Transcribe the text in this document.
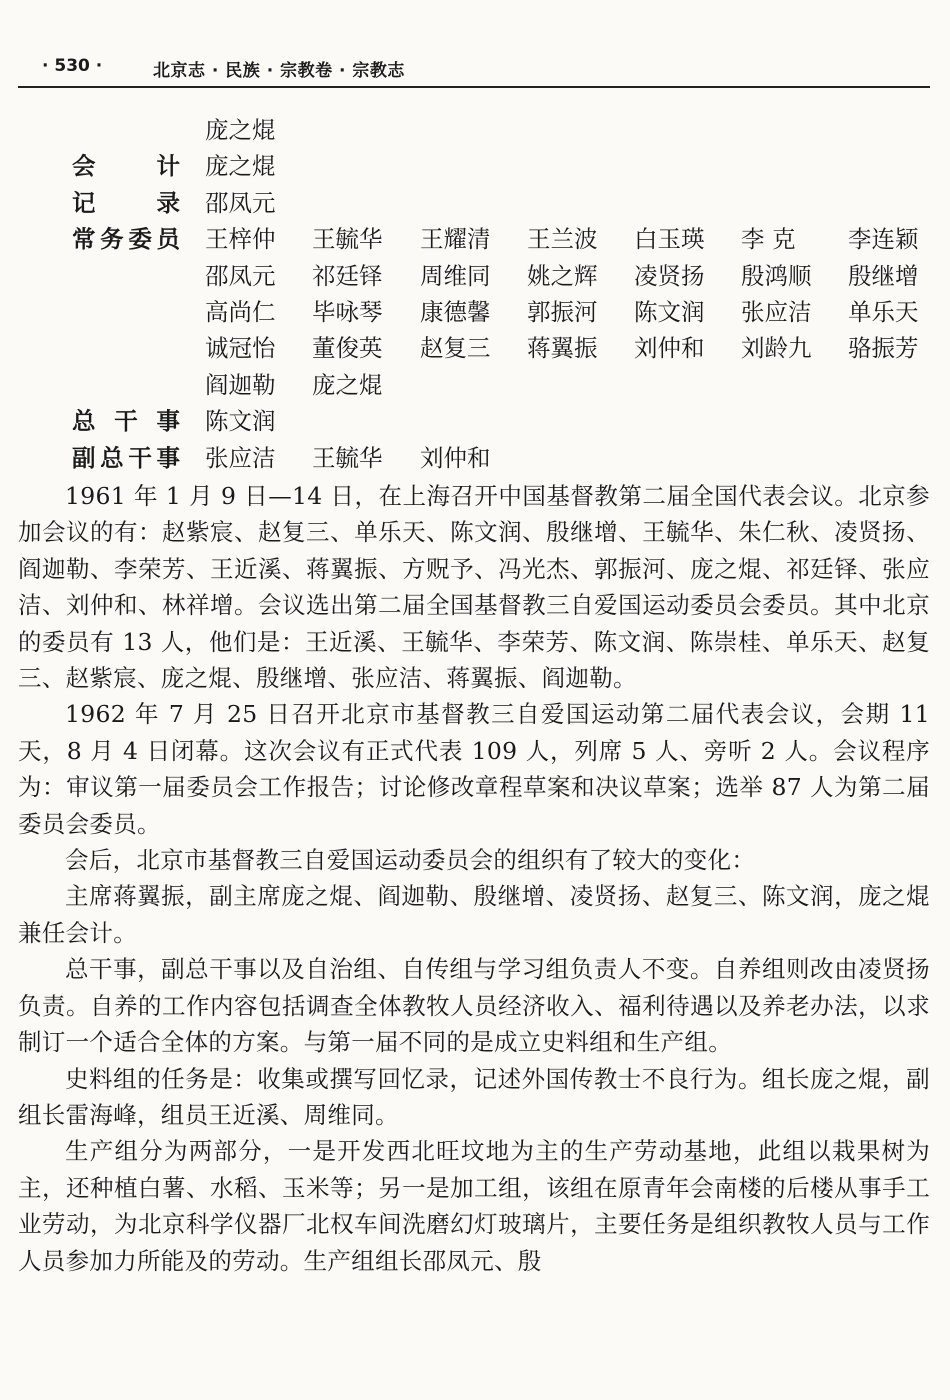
· 530 ·	北京志 · 民族 · 宗教卷 · 宗教志
庞之焜
会计 庞之焜
记录 邵凤元
常务委员 王梓仲 王毓华 王耀清 王兰波 白玉瑛 李 克 李连颖
邵凤元 祁廷铎 周维同 姚之辉 凌贤扬 殷鸿顺 殷继增
高尚仁 毕咏琴 康德馨 郭振河 陈文润 张应洁 单乐天
诚冠怡 董俊英 赵复三 蒋翼振 刘仲和 刘龄九 骆振芳
阎迦勒 庞之焜
总干事 陈文润
副总干事 张应洁 王毓华 刘仲和

1961 年 1 月 9 日—14 日，在上海召开中国基督教第二届全国代表会议。北京参加会议的有：赵紫宸、赵复三、单乐天、陈文润、殷继增、王毓华、朱仁秋、凌贤扬、阎迦勒、李荣芳、王近溪、蒋翼振、方贶予、冯光杰、郭振河、庞之焜、祁廷铎、张应洁、刘仲和、林祥增。会议选出第二届全国基督教三自爱国运动委员会委员。其中北京的委员有 13 人，他们是：王近溪、王毓华、李荣芳、陈文润、陈崇桂、单乐天、赵复三、赵紫宸、庞之焜、殷继增、张应洁、蒋翼振、阎迦勒。

1962 年 7 月 25 日召开北京市基督教三自爱国运动第二届代表会议，会期 11 天，8 月 4 日闭幕。这次会议有正式代表 109 人，列席 5 人、旁听 2 人。会议程序为：审议第一届委员会工作报告；讨论修改章程草案和决议草案；选举 87 人为第二届委员会委员。

会后，北京市基督教三自爱国运动委员会的组织有了较大的变化：

主席蒋翼振，副主席庞之焜、阎迦勒、殷继增、凌贤扬、赵复三、陈文润，庞之焜兼任会计。

总干事，副总干事以及自治组、自传组与学习组负责人不变。自养组则改由凌贤扬负责。自养的工作内容包括调查全体教牧人员经济收入、福利待遇以及养老办法，以求制订一个适合全体的方案。与第一届不同的是成立史料组和生产组。

史料组的任务是：收集或撰写回忆录，记述外国传教士不良行为。组长庞之焜，副组长雷海峰，组员王近溪、周维同。

生产组分为两部分，一是开发西北旺坟地为主的生产劳动基地，此组以栽果树为主，还种植白薯、水稻、玉米等；另一是加工组，该组在原青年会南楼的后楼从事手工业劳动，为北京科学仪器厂北权车间洗磨幻灯玻璃片，主要任务是组织教牧人员与工作人员参加力所能及的劳动。生产组组长邵凤元、殷
